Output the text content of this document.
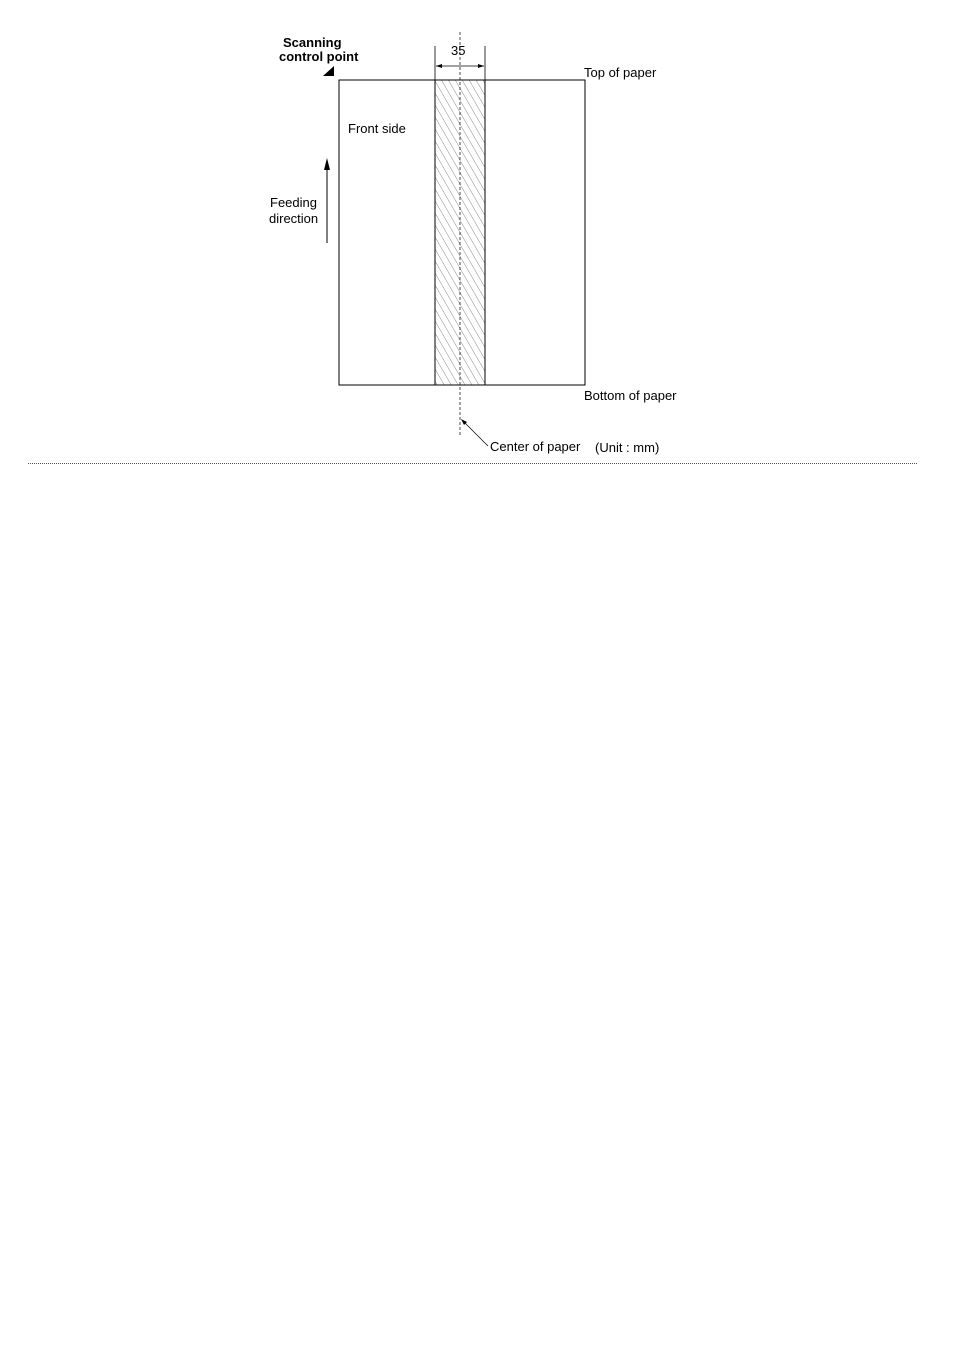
Scanning
control point	35
Top of paper
Bottom of paper
Front side
Feeding
direction
Center of paper (Unit : mm)
